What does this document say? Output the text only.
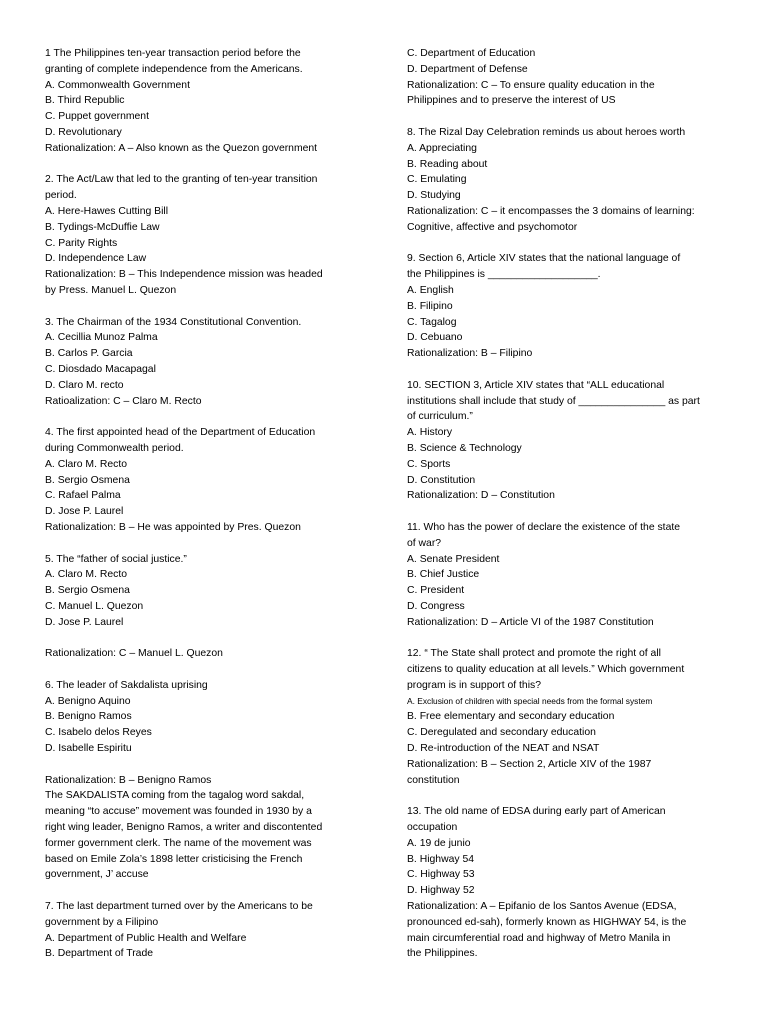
1 The Philippines ten-year transaction period before the
granting of complete independence from the Americans.
A. Commonwealth Government
B. Third Republic
C. Puppet government
D. Revolutionary
Rationalization: A – Also known as the Quezon government
2. The Act/Law that led to the granting of ten-year transition
period.
A. Here-Hawes Cutting Bill
B. Tydings-McDuffie Law
C. Parity Rights
D. Independence Law
Rationalization: B – This Independence mission was headed
by Press. Manuel L. Quezon
3. The Chairman of the 1934 Constitutional Convention.
A. Cecillia Munoz Palma
B. Carlos P. Garcia
C. Diosdado Macapagal
D. Claro M. recto
Ratioalization: C – Claro M. Recto
4. The first appointed head of the Department of Education
during Commonwealth period.
A. Claro M. Recto
B. Sergio Osmena
C. Rafael Palma
D. Jose P. Laurel
Rationalization: B – He was appointed by Pres. Quezon
5. The “father of social justice.”
A. Claro M. Recto
B. Sergio Osmena
C. Manuel L. Quezon
D. Jose P. Laurel
Rationalization: C – Manuel L. Quezon
6. The leader of Sakdalista uprising
A. Benigno Aquino
B. Benigno Ramos
C. Isabelo delos Reyes
D. Isabelle Espiritu
Rationalization: B – Benigno Ramos
The SAKDALISTA coming from the tagalog word sakdal,
meaning “to accuse” movement was founded in 1930 by a
right wing leader, Benigno Ramos, a writer and discontented
former government clerk. The name of the movement was
based on Emile Zola’s 1898 letter cristicising the French
government, J’ accuse
7. The last department turned over by the Americans to be
government by a Filipino
A. Department of Public Health and Welfare
B. Department of Trade
C. Department of Education
D. Department of Defense
Rationalization: C – To ensure quality education in the
Philippines and to preserve the interest of US
8. The Rizal Day Celebration reminds us about heroes worth
A. Appreciating
B. Reading about
C. Emulating
D. Studying
Rationalization: C – it encompasses the 3 domains of learning:
Cognitive, affective and psychomotor
9. Section 6, Article XIV states that the national language of
the Philippines is ___________________.
A. English
B. Filipino
C. Tagalog
D. Cebuano
Rationalization: B – Filipino
10. SECTION 3, Article XIV states that “ALL educational
institutions shall include that study of _______________ as part
of curriculum.”
A. History
B. Science & Technology
C. Sports
D. Constitution
Rationalization: D – Constitution
11. Who has the power of declare the existence of the state
of war?
A. Senate President
B. Chief Justice
C. President
D. Congress
Rationalization: D – Article VI of the 1987 Constitution
12. “ The State shall protect and promote the right of all
citizens to quality education at all levels.” Which government
program is in support of this?
A. Exclusion of children with special needs from the formal system
B. Free elementary and secondary education
C. Deregulated and secondary education
D. Re-introduction of the NEAT and NSAT
Rationalization: B – Section 2, Article XIV of the 1987
constitution
13. The old name of EDSA during early part of American
occupation
A. 19 de junio
B. Highway 54
C. Highway 53
D. Highway 52
Rationalization: A – Epifanio de los Santos Avenue (EDSA,
pronounced ed-sah), formerly known as HIGHWAY 54, is the
main circumferential road and highway of Metro Manila in
the Philippines.
